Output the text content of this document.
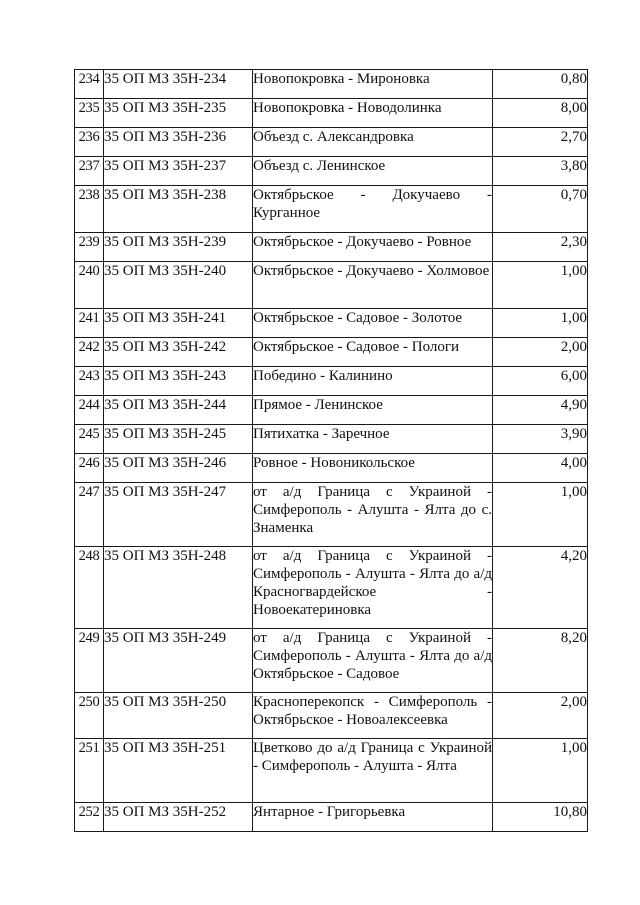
234	35 ОП МЗ 35Н-234	Новопокровка - Мироновка	0,80
235	35 ОП МЗ 35Н-235	Новопокровка - Новодолинка	8,00
236	35 ОП МЗ 35Н-236	Объезд с. Александровка	2,70
237	35 ОП МЗ 35Н-237	Объезд с. Ленинское	3,80
238	35 ОП МЗ 35Н-238	Октябрьское - Докучаево - Курганное	0,70
239	35 ОП МЗ 35Н-239	Октябрьское - Докучаево - Ровное	2,30
240	35 ОП МЗ 35Н-240	Октябрьское - Докучаево - Холмовое	1,00
241	35 ОП МЗ 35Н-241	Октябрьское - Садовое - Золотое	1,00
242	35 ОП МЗ 35Н-242	Октябрьское - Садовое - Пологи	2,00
243	35 ОП МЗ 35Н-243	Победино - Калинино	6,00
244	35 ОП МЗ 35Н-244	Прямое - Ленинское	4,90
245	35 ОП МЗ 35Н-245	Пятихатка - Заречное	3,90
246	35 ОП МЗ 35Н-246	Ровное - Новоникольское	4,00
247	35 ОП МЗ 35Н-247	от а/д Граница с Украиной - Симферополь - Алушта - Ялта до с. Знаменка	1,00
248	35 ОП МЗ 35Н-248	от а/д Граница с Украиной - Симферополь - Алушта - Ялта до а/д Красногвардейское - Новоекатериновка	4,20
249	35 ОП МЗ 35Н-249	от а/д Граница с Украиной - Симферополь - Алушта - Ялта до а/д Октябрьское - Садовое	8,20
250	35 ОП МЗ 35Н-250	Красноперекопск - Симферополь - Октябрьское - Новоалексеевка	2,00
251	35 ОП МЗ 35Н-251	Цветково до а/д Граница с Украиной - Симферополь - Алушта - Ялта	1,00
252	35 ОП МЗ 35Н-252	Янтарное - Григорьевка	10,80
